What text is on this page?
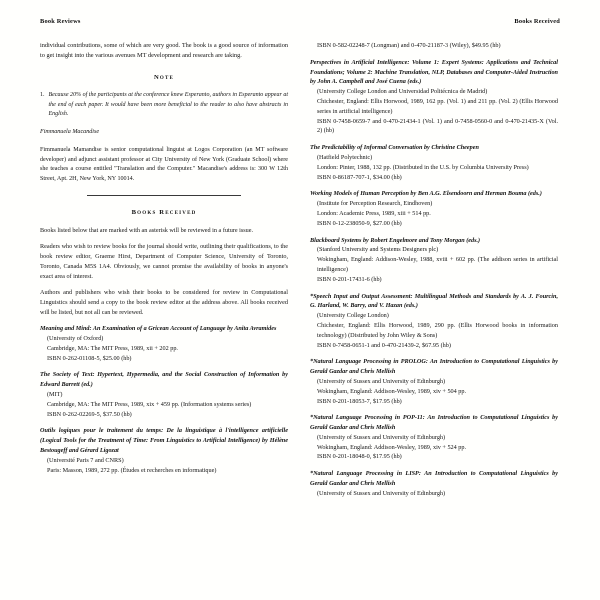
Book Reviews	Books Received

individual contributions, some of which are very good. The book is a good source of information to get insight into the various avenues MT development and research are taking.

Note
1. Because 20% of the participants at the conference knew Esperanto, authors in Esperanto appear at the end of each paper. It would have been more beneficial to the reader to also have abstracts in English.
Fimmanuela Macandise
Fimmanuela Mamandise is senior computational linguist at Logos Corporation (an MT software developer) and adjunct assistant professor at City University of New York (Graduate School) where she teaches a course entitled "Translation and the Computer." Macandise's address is: 300 W 12th Street, Apt. 2H, New York, NY 10014.
Books Received

Books listed below that are marked with an asterisk will be reviewed in a future issue.

Readers who wish to review books for the journal should write, outlining their qualifications, to the book review editor, Graeme Hirst, Department of Computer Science, University of Toronto, Toronto, Canada M5S 1A4. Obviously, we cannot promise the availability of books in anyone's exact area of interest.

Authors and publishers who wish their books to be considered for review in Computational Linguistics should send a copy to the book review editor at the address above. All books received will be listed, but not all can be reviewed.

Meaning and Mind: An Examination of a Gricean Account of Language by Anita Avramides
(University of Oxford)
Cambridge, MA: The MIT Press, 1989, xii + 202 pp.
ISBN 0-262-01108-5, $25.00 (hb)
The Society of Text: Hypertext, Hypermedia, and the Social Construction of Information by Edward Barrett (ed.)
(MIT)
Cambridge, MA: The MIT Press, 1989, xix + 459 pp. (Information systems series)
ISBN 0-262-02269-5, $37.50 (hb)
Outils logiques pour le traitement du temps: De la linguistique à l'intelligence artificielle (Logical Tools for the Treatment of Time: From Linguistics to Artificial Intelligence) by Hélène Bestougeff and Gérard Ligozat
(Université Paris 7 and CNRS)
Paris: Masson, 1989, 272 pp. (Études et recherches en informatique)
ISBN 0-582-02248-7 (Longman) and 0-470-21187-3 (Wiley), $49.95 (hb)
Perspectives in Artificial Intelligence: Volume 1: Expert Systems: Applications and Technical Foundations; Volume 2: Machine Translation, NLP, Databases and Computer-Aided Instruction by John A. Campbell and José Cuena (eds.)
(University College London and Universidad Politécnica de Madrid)
Chichester, England: Ellis Horwood, 1989, 162 pp. (Vol. 1) and 211 pp. (Vol. 2) (Ellis Horwood series in artificial intelligence)
ISBN 0-7458-0659-7 and 0-470-21434-1 (Vol. 1) and 0-7458-0560-0 and 0-470-21435-X (Vol. 2) (hb)
The Predictability of Informal Conversation by Christine Cheepen
(Hatfield Polytechnic)
London: Pinter, 1988, 132 pp. (Distributed in the U.S. by Columbia University Press)
ISBN 0-86187-707-1, $34.00 (hb)
Working Models of Human Perception by Ben A.G. Elsendoorn and Herman Bouma (eds.)
(Institute for Perception Research, Eindhoven)
London: Academic Press, 1989, xiii + 514 pp.
ISBN 0-12-238050-9, $27.00 (hb)
Blackboard Systems by Robert Engelmore and Tony Morgan (eds.)
(Stanford University and Systems Designers plc)
Wokingham, England: Addison-Wesley, 1988, xviii + 602 pp. (The addison series in artificial intelligence)
ISBN 0-201-17431-6 (hb)
*Speech Input and Output Assessment: Multilingual Methods and Standards by A. J. Fourcin, G. Harland, W. Barry, and V. Hazan (eds.)
(University College London)
Chichester, England: Ellis Horwood, 1989, 290 pp. (Ellis Horwood books in information technology) (Distributed by John Wiley & Sons)
ISBN 0-7458-0651-1 and 0-470-21439-2, $67.95 (hb)
*Natural Language Processing in PROLOG: An Introduction to Computational Linguistics by Gerald Gazdar and Chris Mellish
(University of Sussex and University of Edinburgh)
Wokingham, England: Addison-Wesley, 1989, xiv + 504 pp.
ISBN 0-201-18053-7, $17.95 (hb)
*Natural Language Processing in POP-11: An Introduction to Computational Linguistics by Gerald Gazdar and Chris Mellish
(University of Sussex and University of Edinburgh)
Wokingham, England: Addison-Wesley, 1989, xiv + 524 pp.
ISBN 0-201-18048-0, $17.95 (hb)
*Natural Language Processing in LISP: An Introduction to Computational Linguistics by Gerald Gazdar and Chris Mellish
(University of Sussex and University of Edinburgh)
